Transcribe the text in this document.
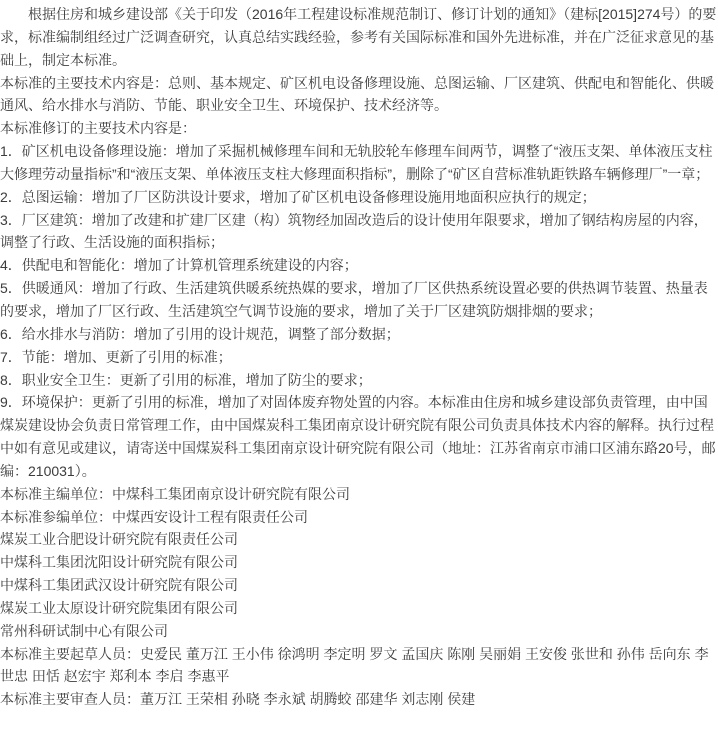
根据住房和城乡建设部《关于印发（2016年工程建设标准规范制订、修订计划的通知》（建标[2015]274号）的要求，标准编制组经过广泛调查研究，认真总结实践经验，参考有关国际标准和国外先进标准，并在广泛征求意见的基础上，制定本标准。

本标准的主要技术内容是：总则、基本规定、矿区机电设备修理设施、总图运输、厂区建筑、供配电和智能化、供暖通风、给水排水与消防、节能、职业安全卫生、环境保护、技术经济等。

本标准修订的主要技术内容是：

1．矿区机电设备修理设施：增加了采掘机械修理车间和无轨胶轮车修理车间两节，调整了“液压支架、单体液压支柱大修理劳动量指标”和“液压支架、单体液压支柱大修理面积指标”，删除了“矿区自营标准轨距铁路车辆修理厂”一章；

2．总图运输：增加了厂区防洪设计要求，增加了矿区机电设备修理设施用地面积应执行的规定；

3．厂区建筑：增加了改建和扩建厂区建（构）筑物经加固改造后的设计使用年限要求，增加了钢结构房屋的内容，调整了行政、生活设施的面积指标；

4．供配电和智能化：增加了计算机管理系统建设的内容；

5．供暖通风：增加了行政、生活建筑供暖系统热媒的要求，增加了厂区供热系统设置必要的供热调节装置、热量表的要求，增加了厂区行政、生活建筑空气调节设施的要求，增加了关于厂区建筑防烟排烟的要求；

6．给水排水与消防：增加了引用的设计规范，调整了部分数据；

7．节能：增加、更新了引用的标准；

8．职业安全卫生：更新了引用的标准，增加了防尘的要求；

9．环境保护：更新了引用的标准，增加了对固体废弃物处置的内容。本标准由住房和城乡建设部负责管理，由中国煤炭建设协会负责日常管理工作，由中国煤炭科工集团南京设计研究院有限公司负责具体技术内容的解释。执行过程中如有意见或建议，请寄送中国煤炭科工集团南京设计研究院有限公司（地址：江苏省南京市浦口区浦东路20号，邮编：210031）。

本标准主编单位：中煤科工集团南京设计研究院有限公司

本标准参编单位：中煤西安设计工程有限责任公司

煤炭工业合肥设计研究院有限责任公司

中煤科工集团沈阳设计研究院有限公司

中煤科工集团武汉设计研究院有限公司

煤炭工业太原设计研究院集团有限公司

常州科研试制中心有限公司

本标准主要起草人员：史爱民 董万江 王小伟 徐鸿明 李定明 罗文 孟国庆 陈刚 吴丽娟 王安俊 张世和 孙伟 岳向东 李世忠 田恬 赵宏宇 郑利本 李启 李惠平

本标准主要审查人员：董万江 王荣相 孙晓 李永斌 胡腾蛟 邵建华 刘志刚 侯建
